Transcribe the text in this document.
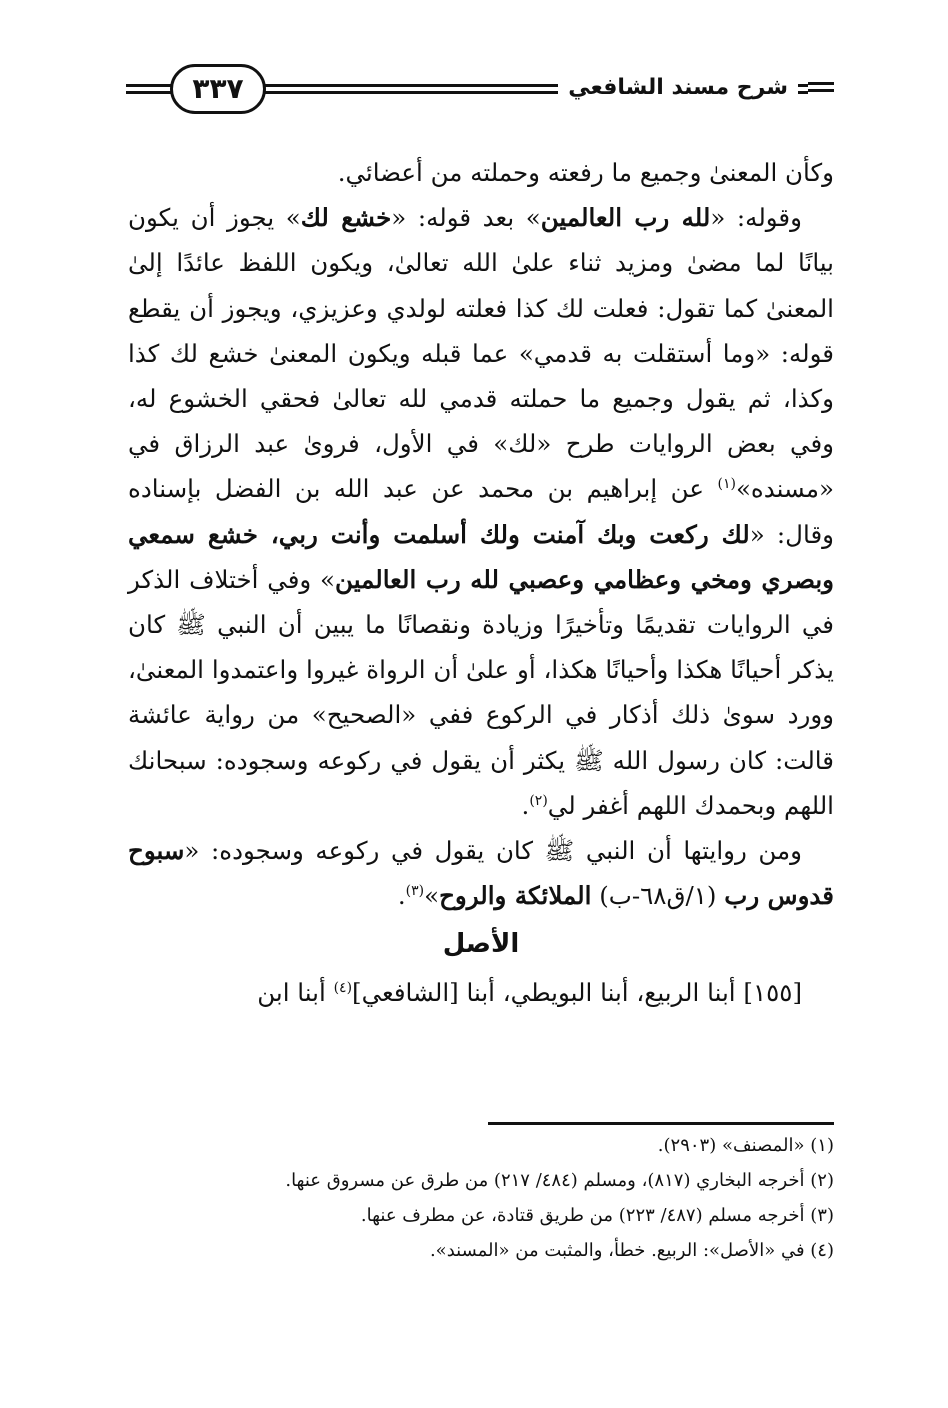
شرح مسند الشافعي
٣٣٧

وكأن المعنىٰ وجميع ما رفعته وحملته من أعضائي.

وقوله: «لله رب العالمين» بعد قوله: «خشع لك» يجوز أن يكون بيانًا لما مضىٰ ومزيد ثناء علىٰ الله تعالىٰ، ويكون اللفظ عائدًا إلىٰ المعنىٰ كما تقول: فعلت لك كذا فعلته لولدي وعزيزي، ويجوز أن يقطع قوله: «وما أستقلت به قدمي» عما قبله ويكون المعنىٰ خشع لك كذا وكذا، ثم يقول وجميع ما حملته قدمي لله تعالىٰ فحقي الخشوع له، وفي بعض الروايات طرح «لك» في الأول، فروىٰ عبد الرزاق في «مسنده»$^{(١)}$ عن إبراهيم بن محمد عن عبد الله بن الفضل بإسناده وقال: «لك ركعت وبك آمنت ولك أسلمت وأنت ربي، خشع سمعي وبصري ومخي وعظامي وعصبي لله رب العالمين» وفي أختلاف الذكر في الروايات تقديمًا وتأخيرًا وزيادة ونقصانًا ما يبين أن النبي ﷺ كان يذكر أحيانًا هكذا وأحيانًا هكذا، أو علىٰ أن الرواة غيروا واعتمدوا المعنىٰ، وورد سوىٰ ذلك أذكار في الركوع ففي «الصحيح» من رواية عائشة قالت: كان رسول الله ﷺ يكثر أن يقول في ركوعه وسجوده: سبحانك اللهم وبحمدك اللهم أغفر لي$^{(٢)}$.

ومن روايتها أن النبي ﷺ كان يقول في ركوعه وسجوده: «سبوح قدوس رب (١/ق٦٨-ب) الملائكة والروح»$^{(٣)}$.

الأصل

[١٥٥] أبنا الربيع، أبنا البويطي، أبنا [الشافعي]$^{(٤)}$ أبنا ابن

(١) «المصنف» (٢٩٠٣).
(٢) أخرجه البخاري (٨١٧)، ومسلم (٤٨٤/ ٢١٧) من طرق عن مسروق عنها.
(٣) أخرجه مسلم (٤٨٧/ ٢٢٣) من طريق قتادة، عن مطرف عنها.
(٤) في «الأصل»: الربيع. خطأ، والمثبت من «المسند».
